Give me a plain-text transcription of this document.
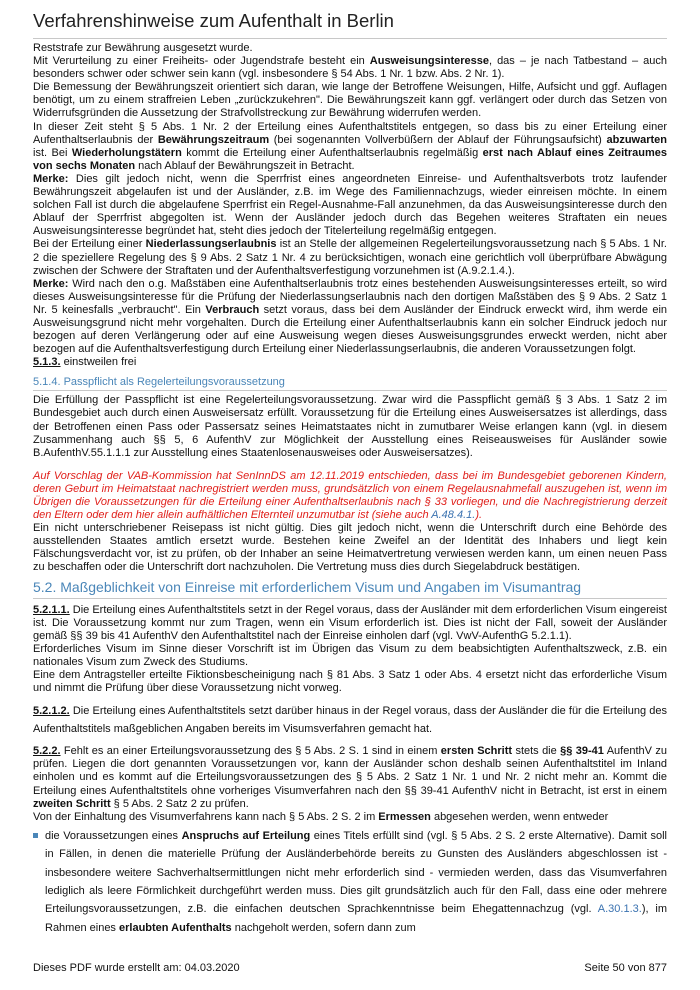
Verfahrenshinweise zum Aufenthalt in Berlin

Reststrafe zur Bewährung ausgesetzt wurde.

Mit Verurteilung zu einer Freiheits- oder Jugendstrafe besteht ein Ausweisungsinteresse, das – je nach Tatbestand – auch besonders schwer oder schwer sein kann (vgl. insbesondere § 54 Abs. 1 Nr. 1 bzw. Abs. 2 Nr. 1).

Die Bemessung der Bewährungszeit orientiert sich daran, wie lange der Betroffene Weisungen, Hilfe, Aufsicht und ggf. Auflagen benötigt, um zu einem straffreien Leben „zurückzukehren". Die Bewährungszeit kann ggf. verlängert oder durch das Setzen von Widerrufsgründen die Aussetzung der Strafvollstreckung zur Bewährung widerrufen werden.

In dieser Zeit steht § 5 Abs. 1 Nr. 2 der Erteilung eines Aufenthaltstitels entgegen, so dass bis zu einer Erteilung einer Aufenthaltserlaubnis der Bewährungszeitraum (bei sogenannten Vollverbüßern der Ablauf der Führungsaufsicht) abzuwarten ist. Bei Wiederholungstätern kommt die Erteilung einer Aufenthaltserlaubnis regelmäßig erst nach Ablauf eines Zeitraumes von sechs Monaten nach Ablauf der Bewährungszeit in Betracht.

Merke: Dies gilt jedoch nicht, wenn die Sperrfrist eines angeordneten Einreise- und Aufenthaltsverbots trotz laufender Bewährungszeit abgelaufen ist und der Ausländer, z.B. im Wege des Familiennachzugs, wieder einreisen möchte. In einem solchen Fall ist durch die abgelaufene Sperrfrist ein Regel-Ausnahme-Fall anzunehmen, da das Ausweisungsinteresse durch den Ablauf der Sperrfrist abgegolten ist. Wenn der Ausländer jedoch durch das Begehen weiteres Straftaten ein neues Ausweisungsinteresse begründet hat, steht dies jedoch der Titelerteilung regelmäßig entgegen.

Bei der Erteilung einer Niederlassungserlaubnis ist an Stelle der allgemeinen Regelerteilungsvoraussetzung nach § 5 Abs. 1 Nr. 2 die speziellere Regelung des § 9 Abs. 2 Satz 1 Nr. 4 zu berücksichtigen, wonach eine gerichtlich voll überprüfbare Abwägung zwischen der Schwere der Straftaten und der Aufenthaltsverfestigung vorzunehmen ist (A.9.2.1.4.).

Merke: Wird nach den o.g. Maßstäben eine Aufenthaltserlaubnis trotz eines bestehenden Ausweisungsinteresses erteilt, so wird dieses Ausweisungsinteresse für die Prüfung der Niederlassungserlaubnis nach den dortigen Maßstäben des § 9 Abs. 2 Satz 1 Nr. 5 keinesfalls „verbraucht". Ein Verbrauch setzt voraus, dass bei dem Ausländer der Eindruck erweckt wird, ihm werde ein Ausweisungsgrund nicht mehr vorgehalten. Durch die Erteilung einer Aufenthaltserlaubnis kann ein solcher Eindruck jedoch nur bezogen auf deren Verlängerung oder auf eine Ausweisung wegen dieses Ausweisungsgrundes erweckt werden, nicht aber bezogen auf die Aufenthaltsverfestigung durch Erteilung einer Niederlassungserlaubnis, die anderen Voraussetzungen folgt.

5.1.3. einstweilen frei

5.1.4. Passpflicht als Regelerteilungsvoraussetzung

Die Erfüllung der Passpflicht ist eine Regelerteilungsvoraussetzung. Zwar wird die Passpflicht gemäß § 3 Abs. 1 Satz 2 im Bundesgebiet auch durch einen Ausweisersatz erfüllt. Voraussetzung für die Erteilung eines Ausweisersatzes ist allerdings, dass der Betroffenen einen Pass oder Passersatz seines Heimatstaates nicht in zumutbarer Weise erlangen kann (vgl. in diesem Zusammenhang auch §§ 5, 6 AufenthV zur Möglichkeit der Ausstellung eines Reiseausweises für Ausländer sowie B.AufenthV.55.1.1.1 zur Ausstellung eines Staatenlosenausweises oder Ausweisersatzes).

Auf Vorschlag der VAB-Kommission hat SenInnDS am 12.11.2019 entschieden, dass bei im Bundesgebiet geborenen Kindern, deren Geburt im Heimatstaat nachregistriert werden muss, grundsätzlich von einem Regelausnahmefall auszugehen ist, wenn im Übrigen die Voraussetzungen für die Erteilung einer Aufenthaltserlaubnis nach § 33 vorliegen, und die Nachregistrierung derzeit den Eltern oder dem hier allein aufhältlichen Elternteil unzumutbar ist (siehe auch A.48.4.1.).

Ein nicht unterschriebener Reisepass ist nicht gültig. Dies gilt jedoch nicht, wenn die Unterschrift durch eine Behörde des ausstellenden Staates amtlich ersetzt wurde. Bestehen keine Zweifel an der Identität des Inhabers und liegt kein Fälschungsverdacht vor, ist zu prüfen, ob der Inhaber an seine Heimatvertretung verwiesen werden kann, um einen neuen Pass zu beschaffen oder die Unterschrift dort nachzuholen. Die Vertretung muss dies durch Siegelabdruck bestätigen.

5.2. Maßgeblichkeit von Einreise mit erforderlichem Visum und Angaben im Visumantrag

5.2.1.1. Die Erteilung eines Aufenthaltstitels setzt in der Regel voraus, dass der Ausländer mit dem erforderlichen Visum eingereist ist. Die Voraussetzung kommt nur zum Tragen, wenn ein Visum erforderlich ist. Dies ist nicht der Fall, soweit der Ausländer gemäß §§ 39 bis 41 AufenthV den Aufenthaltstitel nach der Einreise einholen darf (vgl. VwV-AufenthG 5.2.1.1).

Erforderliches Visum im Sinne dieser Vorschrift ist im Übrigen das Visum zu dem beabsichtigten Aufenthaltszweck, z.B. ein nationales Visum zum Zweck des Studiums.

Eine dem Antragsteller erteilte Fiktionsbescheinigung nach § 81 Abs. 3 Satz 1 oder Abs. 4 ersetzt nicht das erforderliche Visum und nimmt die Prüfung über diese Voraussetzung nicht vorweg.

5.2.1.2. Die Erteilung eines Aufenthaltstitels setzt darüber hinaus in der Regel voraus, dass der Ausländer die für die Erteilung des Aufenthaltstitels maßgeblichen Angaben bereits im Visumsverfahren gemacht hat.

5.2.2. Fehlt es an einer Erteilungsvoraussetzung des § 5 Abs. 2 S. 1 sind in einem ersten Schritt stets die §§ 39-41 AufenthV zu prüfen. Liegen die dort genannten Voraussetzungen vor, kann der Ausländer schon deshalb seinen Aufenthaltstitel im Inland einholen und es kommt auf die Erteilungsvoraussetzungen des § 5 Abs. 2 Satz 1 Nr. 1 und Nr. 2 nicht mehr an. Kommt die Erteilung eines Aufenthaltstitels ohne vorheriges Visumverfahren nach den §§ 39-41 AufenthV nicht in Betracht, ist erst in einem zweiten Schritt § 5 Abs. 2 Satz 2 zu prüfen.

Von der Einhaltung des Visumverfahrens kann nach § 5 Abs. 2 S. 2 im Ermessen abgesehen werden, wenn entweder

die Voraussetzungen eines Anspruchs auf Erteilung eines Titels erfüllt sind (vgl. § 5 Abs. 2 S. 2 erste Alternative). Damit soll in Fällen, in denen die materielle Prüfung der Ausländerbehörde bereits zu Gunsten des Ausländers abgeschlossen ist - insbesondere weitere Sachverhaltsermittlungen nicht mehr erforderlich sind - vermieden werden, dass das Visumverfahren lediglich als leere Förmlichkeit durchgeführt werden muss. Dies gilt grundsätzlich auch für den Fall, dass eine oder mehrere Erteilungsvoraussetzungen, z.B. die einfachen deutschen Sprachkenntnisse beim Ehegattennachzug (vgl. A.30.1.3.), im Rahmen eines erlaubten Aufenthalts nachgeholt werden, sofern dann zum

Dieses PDF wurde erstellt am: 04.03.2020	Seite 50 von 877
